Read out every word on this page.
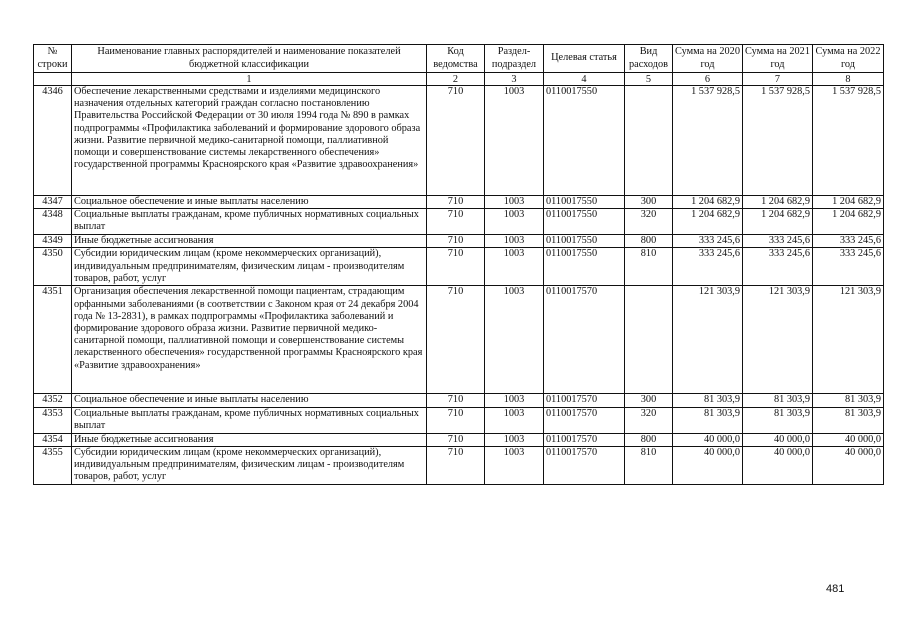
№ строки	Наименование главных распорядителей и наименование показателей бюджетной классификации	Код ведомства	Раздел-подраздел	Целевая статья	Вид расходов	Сумма на 2020 год	Сумма на 2021 год	Сумма на 2022 год
	1	2	3	4	5	6	7	8
4346	Обеспечение лекарственными средствами и изделиями медицинского назначения отдельных категорий граждан согласно постановлению Правительства Российской Федерации от 30 июля 1994 года № 890 в рамках подпрограммы «Профилактика заболеваний и формирование здорового образа жизни. Развитие первичной медико-санитарной помощи, паллиативной помощи и совершенствование системы лекарственного обеспечения» государственной программы Красноярского края «Развитие здравоохранения»	710	1003	0110017550		1 537 928,5	1 537 928,5	1 537 928,5
4347	Социальное обеспечение и иные выплаты населению	710	1003	0110017550	300	1 204 682,9	1 204 682,9	1 204 682,9
4348	Социальные выплаты гражданам, кроме публичных нормативных социальных выплат	710	1003	0110017550	320	1 204 682,9	1 204 682,9	1 204 682,9
4349	Иные бюджетные ассигнования	710	1003	0110017550	800	333 245,6	333 245,6	333 245,6
4350	Субсидии юридическим лицам (кроме некоммерческих организаций), индивидуальным предпринимателям, физическим лицам - производителям товаров, работ, услуг	710	1003	0110017550	810	333 245,6	333 245,6	333 245,6
4351	Организация обеспечения лекарственной помощи пациентам, страдающим орфанными заболеваниями (в соответствии с Законом края от 24 декабря 2004 года № 13-2831), в рамках подпрограммы «Профилактика заболеваний и формирование здорового образа жизни. Развитие первичной медико-санитарной помощи, паллиативной помощи и совершенствование системы лекарственного обеспечения» государственной программы Красноярского края «Развитие здравоохранения»	710	1003	0110017570		121 303,9	121 303,9	121 303,9
4352	Социальное обеспечение и иные выплаты населению	710	1003	0110017570	300	81 303,9	81 303,9	81 303,9
4353	Социальные выплаты гражданам, кроме публичных нормативных социальных выплат	710	1003	0110017570	320	81 303,9	81 303,9	81 303,9
4354	Иные бюджетные ассигнования	710	1003	0110017570	800	40 000,0	40 000,0	40 000,0
4355	Субсидии юридическим лицам (кроме некоммерческих организаций), индивидуальным предпринимателям, физическим лицам - производителям товаров, работ, услуг	710	1003	0110017570	810	40 000,0	40 000,0	40 000,0
481
